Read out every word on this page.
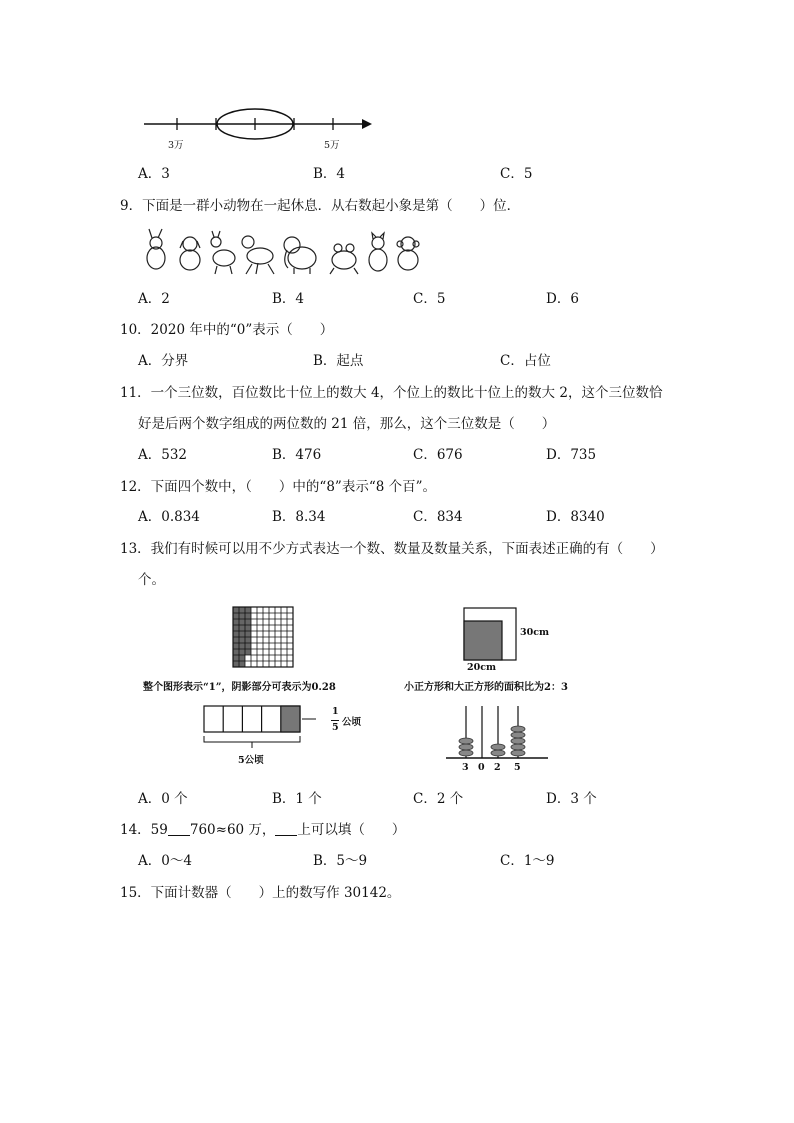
3万	5万
A．3	B．4	C．5
9．下面是一群小动物在一起休息．从右数起小象是第（　　）位．
A．2	B．4	C．5	D．6
10．2020 年中的“0”表示（　　）
A．分界	B．起点	C．占位
11．一个三位数，百位数比十位上的数大 4，个位上的数比十位上的数大 2，这个三位数恰
好是后两个数字组成的两位数的 21 倍，那么，这个三位数是（　　）
A．532	B．476	C．676	D．735
12．下面四个数中，（　　）中的“8”表示“8 个百”。
A．0.834	B．8.34	C．834	D．8340
13．我们有时候可以用不少方式表达一个数、数量及数量关系，下面表述正确的有（　　）
个。
整个图形表示“1”，阴影部分可表示为0.28
30cm
20cm
小正方形和大正方形的面积比为2：3
1
5 公顷
5公顷
3 0 2 5
A．0 个	B．1 个	C．2 个	D．3 个
14．59 760≈60 万， 上可以填（　　）
A．0～4	B．5～9	C．1～9
15．下面计数器（　　）上的数写作 30142。
